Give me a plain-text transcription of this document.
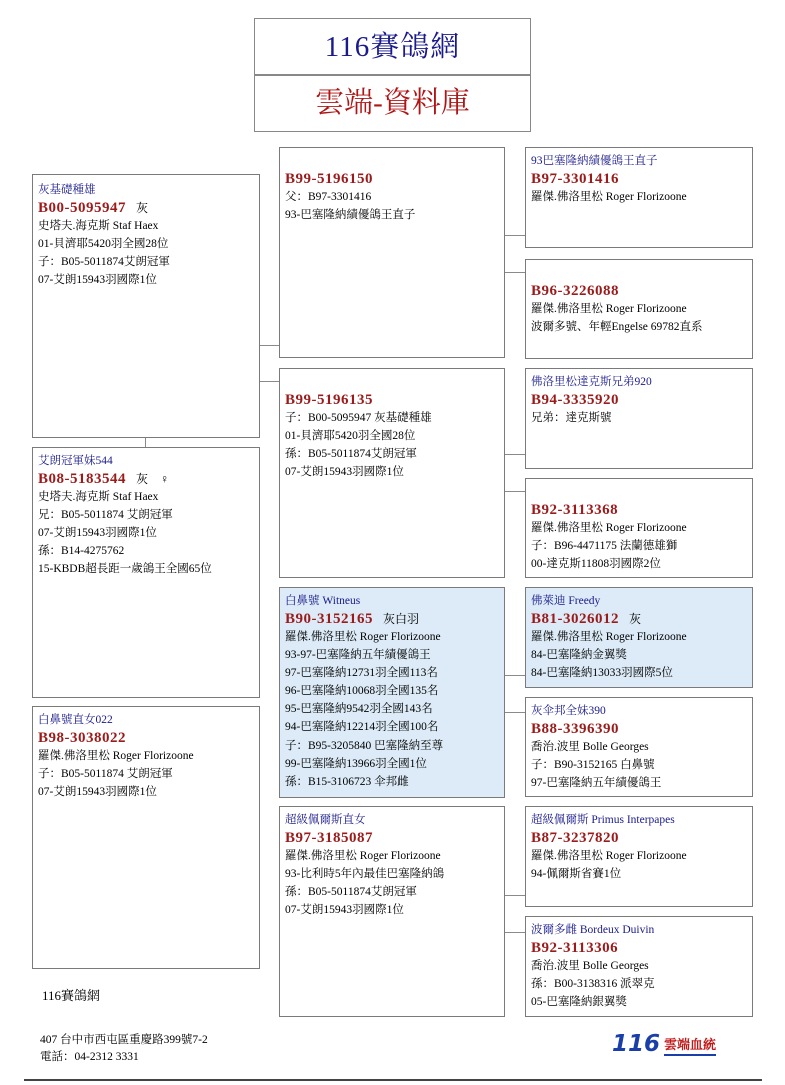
116賽鴿網
雲端-資料庫
灰基礎種雄
B00-5095947 灰
史塔夫.海克斯 Staf Haex
01-貝濟耶5420羽全國28位
子：B05-5011874艾朗冠軍
07-艾朗15943羽國際1位
艾朗冠軍妹544
B08-5183544 灰　♀
史塔夫.海克斯 Staf Haex
兄：B05-5011874 艾朗冠軍
07-艾朗15943羽國際1位
孫：B14-4275762
15-KBDB超長距一歲鴿王全國65位
白鼻號直女022
B98-3038022
羅傑.佛洛里松 Roger Florizoone
子：B05-5011874 艾朗冠軍
07-艾朗15943羽國際1位
B99-5196150
父：B97-3301416
93-巴塞隆納績優鴿王直子
B99-5196135
子：B00-5095947 灰基礎種雄
01-貝濟耶5420羽全國28位
孫：B05-5011874艾朗冠軍
07-艾朗15943羽國際1位
白鼻號 Witneus
B90-3152165 灰白羽
羅傑.佛洛里松 Roger Florizoone
93-97-巴塞隆納五年績優鴿王
97-巴塞隆納12731羽全國113名
96-巴塞隆納10068羽全國135名
95-巴塞隆納9542羽全國143名
94-巴塞隆納12214羽全國100名
子：B95-3205840 巴塞隆納至尊
99-巴塞隆納13966羽全國1位
孫：B15-3106723 伞邦雌
超級佩爾斯直女
B97-3185087
羅傑.佛洛里松 Roger Florizoone
93-比利時5年內最佳巴塞隆納鴿
孫：B05-5011874艾朗冠軍
07-艾朗15943羽國際1位
93巴塞隆納績優鴿王直子
B97-3301416
羅傑.佛洛里松 Roger Florizoone
B96-3226088
羅傑.佛洛里松 Roger Florizoone
波爾多號、年輕Engelse 69782直系
佛洛里松達克斯兄弟920
B94-3335920
兄弟：達克斯號
B92-3113368
羅傑.佛洛里松 Roger Florizoone
子：B96-4471175 法蘭德雄獅
00-達克斯11808羽國際2位
佛萊迪 Freedy
B81-3026012 灰
羅傑.佛洛里松 Roger Florizoone
84-巴塞隆納金翼獎
84-巴塞隆納13033羽國際5位
灰伞邦全妹390
B88-3396390
喬治.波里 Bolle Georges
子：B90-3152165 白鼻號
97-巴塞隆納五年績優鴿王
超級佩爾斯 Primus Interpapes
B87-3237820
羅傑.佛洛里松 Roger Florizoone
94-佩爾斯省賽1位
波爾多雌 Bordeux Duivin
B92-3113306
喬治.波里 Bolle Georges
孫：B00-3138316 派翠克
05-巴塞隆納銀翼獎
116賽鴿網
407 台中市西屯區重慶路399號7-2
電話：04-2312 3331	116 雲端血統
